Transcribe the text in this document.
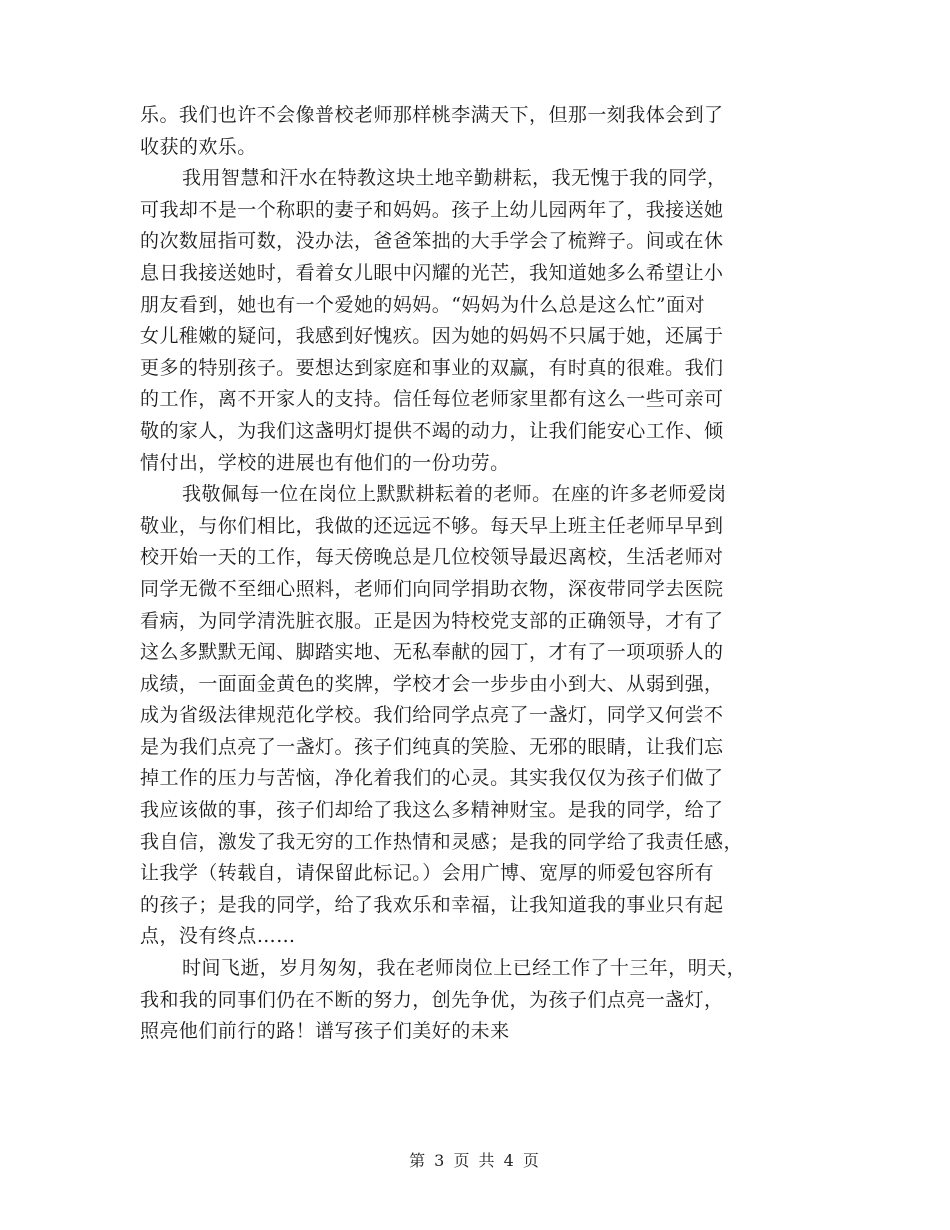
乐。我们也许不会像普校老师那样桃李满天下，但那一刻我体会到了

收获的欢乐。

我用智慧和汗水在特教这块土地辛勤耕耘，我无愧于我的同学，

可我却不是一个称职的妻子和妈妈。孩子上幼儿园两年了，我接送她

的次数屈指可数，没办法，爸爸笨拙的大手学会了梳辫子。间或在休

息日我接送她时，看着女儿眼中闪耀的光芒，我知道她多么希望让小

朋友看到，她也有一个爱她的妈妈。“妈妈为什么总是这么忙”面对

女儿稚嫩的疑问，我感到好愧疚。因为她的妈妈不只属于她，还属于

更多的特别孩子。要想达到家庭和事业的双赢，有时真的很难。我们

的工作，离不开家人的支持。信任每位老师家里都有这么一些可亲可

敬的家人，为我们这盏明灯提供不竭的动力，让我们能安心工作、倾

情付出，学校的进展也有他们的一份功劳。

我敬佩每一位在岗位上默默耕耘着的老师。在座的许多老师爱岗

敬业，与你们相比，我做的还远远不够。每天早上班主任老师早早到

校开始一天的工作，每天傍晚总是几位校领导最迟离校，生活老师对

同学无微不至细心照料，老师们向同学捐助衣物，深夜带同学去医院

看病，为同学清洗脏衣服。正是因为特校党支部的正确领导，才有了

这么多默默无闻、脚踏实地、无私奉献的园丁，才有了一项项骄人的

成绩，一面面金黄色的奖牌，学校才会一步步由小到大、从弱到强，

成为省级法律规范化学校。我们给同学点亮了一盏灯，同学又何尝不

是为我们点亮了一盏灯。孩子们纯真的笑脸、无邪的眼睛，让我们忘

掉工作的压力与苦恼，净化着我们的心灵。其实我仅仅为孩子们做了

我应该做的事，孩子们却给了我这么多精神财宝。是我的同学，给了

我自信，激发了我无穷的工作热情和灵感；是我的同学给了我责任感，

让我学（转载自，请保留此标记。）会用广博、宽厚的师爱包容所有

的孩子；是我的同学，给了我欢乐和幸福，让我知道我的事业只有起

点，没有终点……

时间飞逝，岁月匆匆，我在老师岗位上已经工作了十三年，明天，

我和我的同事们仍在不断的努力，创先争优，为孩子们点亮一盏灯，

照亮他们前行的路！谱写孩子们美好的未来

第 3 页 共 4 页
